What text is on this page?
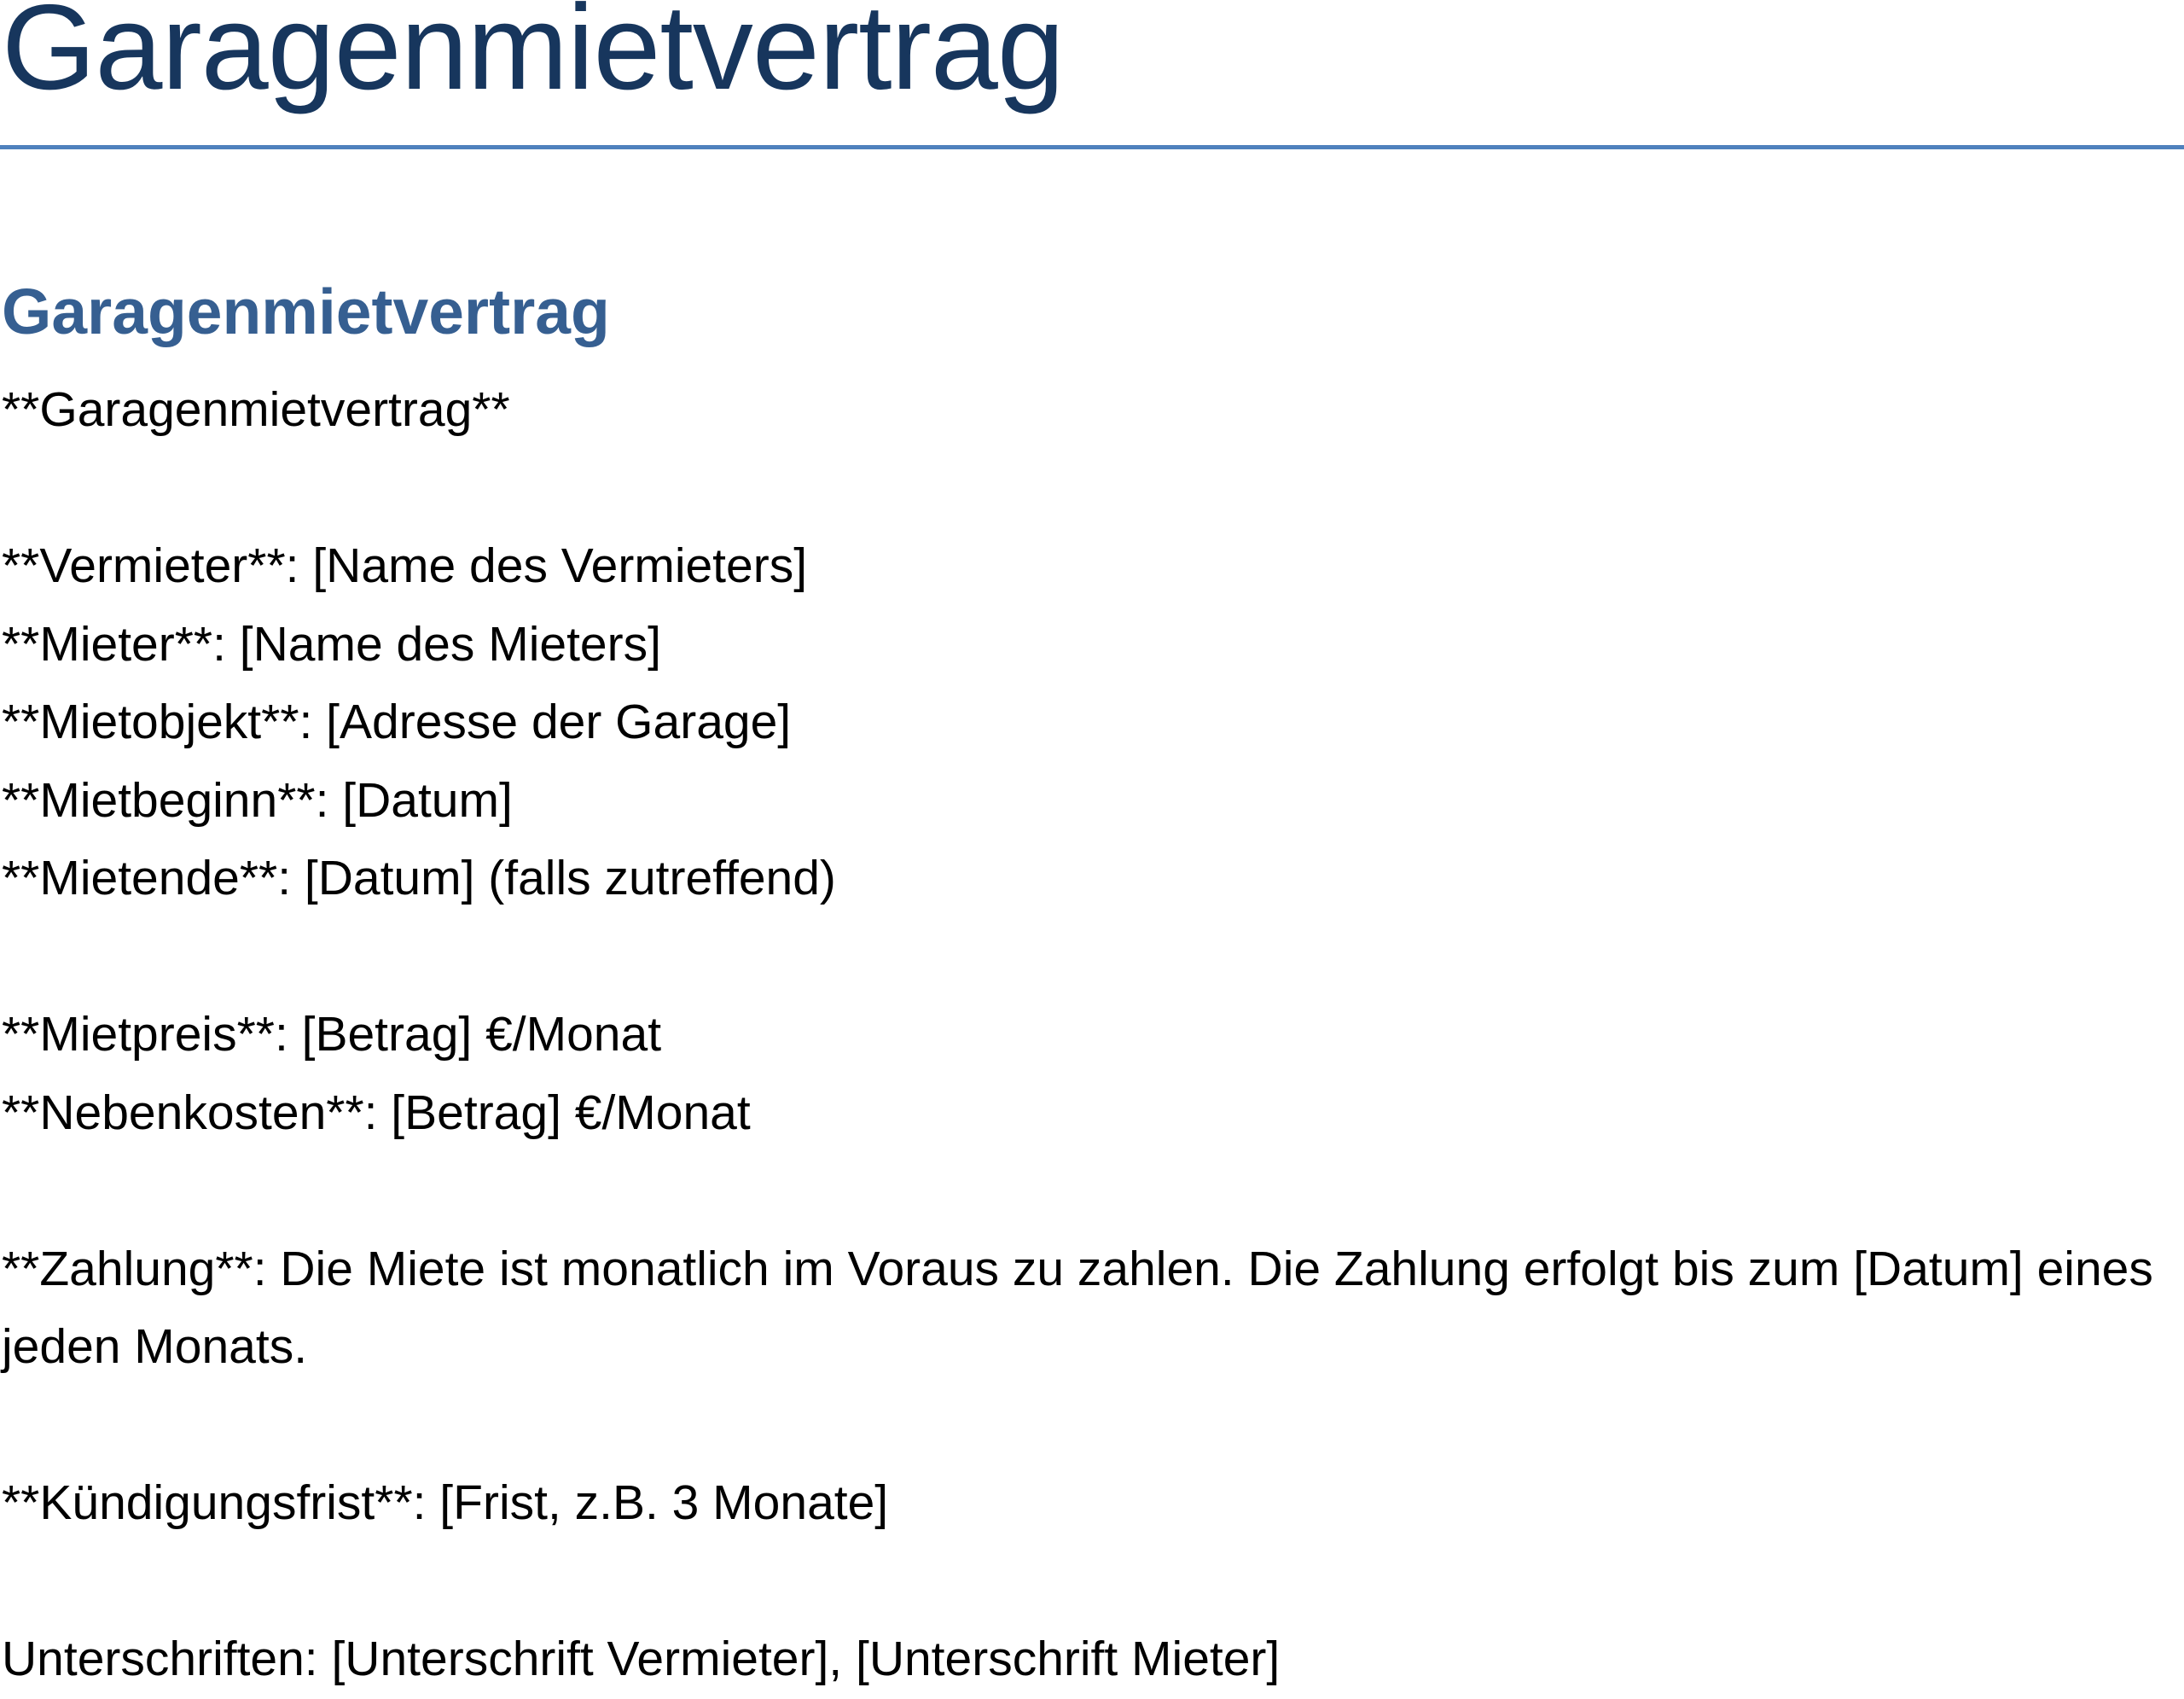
Garagenmietvertrag
Garagenmietvertrag

**Garagenmietvertrag**

**Vermieter**: [Name des Vermieters]

**Mieter**: [Name des Mieters]

**Mietobjekt**: [Adresse der Garage]

**Mietbeginn**: [Datum]

**Mietende**: [Datum] (falls zutreffend)

**Mietpreis**: [Betrag] €/Monat

**Nebenkosten**: [Betrag] €/Monat

**Zahlung**: Die Miete ist monatlich im Voraus zu zahlen. Die Zahlung erfolgt bis zum [Datum] eines jeden Monats.

**Kündigungsfrist**: [Frist, z.B. 3 Monate]

Unterschriften: [Unterschrift Vermieter], [Unterschrift Mieter]
